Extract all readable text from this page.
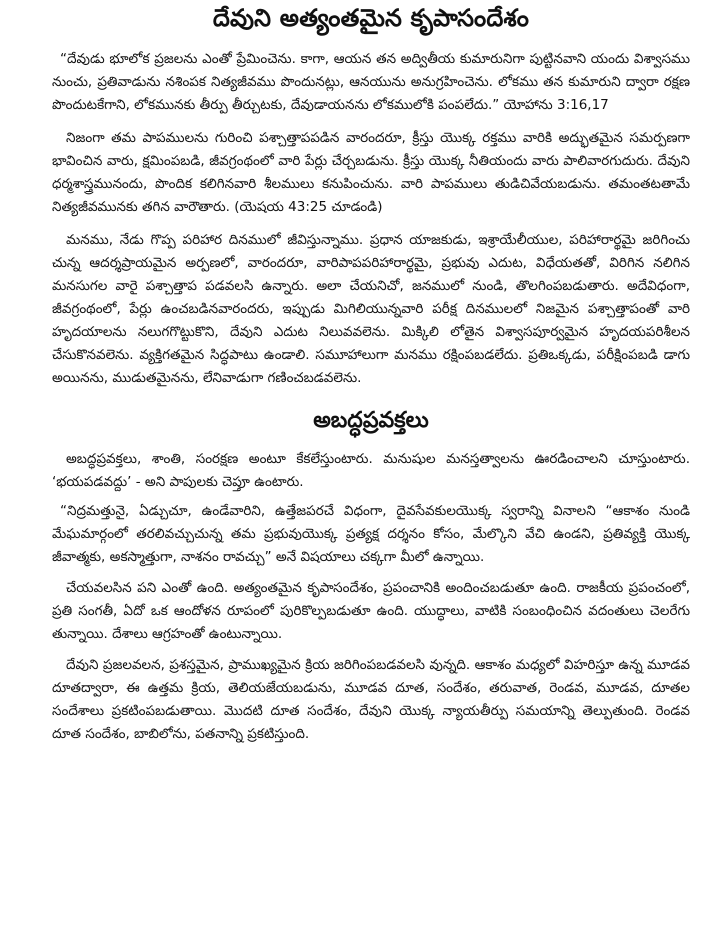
దేవుని అత్యంతమైన కృపాసందేశం

“దేవుడు భూలోక ప్రజలను ఎంతో ప్రేమించెను. కాగా, ఆయన తన అద్వితీయ కుమారునిగా పుట్టినవాని యందు విశ్వాసము నుంచు, ప్రతివాడును నశింపక నిత్యజీవము పొందునట్లు, ఆనయును అనుగ్రహించెను. లోకము తన కుమారుని ద్వారా రక్షణ పొందుటకేగాని, లోకమునకు తీర్పు తీర్చుటకు, దేవుడాయనను లోకములోకి పంపలేదు.” యోహాను 3:16,17

నిజంగా తమ పాపములను గురించి పశ్చాత్తాపపడిన వారందరూ, క్రీస్తు యొక్క రక్తము వారికి అద్భుతమైన సమర్పణగా భావించిన వారు, క్షమింపబడి, జీవగ్రంథంలో వారి పేర్లు చేర్చబడును. క్రీస్తు యొక్క నీతియందు వారు పాలివారగుదురు. దేవుని ధర్మశాస్త్రమునందు, పొందిక కలిగినవారి శీలములు కనుపించును. వారి పాపములు తుడిచివేయబడును. తమంతటతామే నిత్యజీవమునకు తగిన వారౌతారు. (యెషయ 43:25 చూడండి)

మనము, నేడు గొప్ప పరిహార దినములో జీవిస్తున్నాము. ప్రధాన యాజకుడు, ఇశ్రాయేలీయుల, పరిహారార్థమై జరిగించు చున్న ఆదర్శప్రాయమైన అర్పణలో, వారందరూ, వారిపాపపరిహారార్థమై, ప్రభువు ఎదుట, విధేయతతో, విరిగిన నలిగిన మనసుగల వారై పశ్చాత్తాప పడవలసి ఉన్నారు. అలా చేయనిచో, జనములో నుండి, తొలగింపబడుతారు. అదేవిధంగా, జీవగ్రంథంలో, పేర్లు ఉంచబడినవారందరు, ఇప్పుడు మిగిలియున్నవారి పరీక్ష దినములలో నిజమైన పశ్చాత్తాపంతో వారి హృదయాలను నలుగగొట్టుకొని, దేవుని ఎదుట నిలువవలెను. మిక్కిలి లోతైన విశ్వాసపూర్వమైన హృదయపరిశీలన చేసుకొనవలెను. వ్యక్తిగతమైన సిద్ధపాటు ఉండాలి. సమూహాలుగా మనము రక్షింపబడలేదు. ప్రతిఒక్కడు, పరీక్షింపబడి డాగు అయినను, ముడుతమైనను, లేనివాడుగా గణించబడవలెను.

అబద్ధప్రవక్తలు

అబద్ధప్రవక్తలు, శాంతి, సంరక్షణ అంటూ కేకలేస్తుంటారు. మనుషుల మనస్తత్వాలను ఊరడించాలని చూస్తుంటారు. ‘భయపడవద్దు’ - అని పాపులకు చెప్తూ ఉంటారు.

“నిద్రమత్తునై, ఏడ్చుచూ, ఉండేవారిని, ఉత్తేజపరచే విధంగా, దైవసేవకులయొక్క స్వరాన్ని వినాలని “ఆకాశం నుండి మేఘమార్గంలో తరలివచ్చుచున్న తమ ప్రభువుయొక్క ప్రత్యక్ష దర్శనం కోసం, మేల్కొని వేచి ఉండని, ప్రతివ్యక్తి యొక్క జీవాత్మకు, అకస్మాత్తుగా, నాశనం రావచ్చు” అనే విషయాలు చక్కగా మీలో ఉన్నాయి.

చేయవలసిన పని ఎంతో ఉంది. అత్యంతమైన కృపాసందేశం, ప్రపంచానికి అందించబడుతూ ఉంది. రాజకీయ ప్రపంచంలో, ప్రతి సంగతీ, ఏదో ఒక ఆందోళన రూపంలో పురికొల్పబడుతూ ఉంది. యుద్ధాలు, వాటికి సంబంధించిన వదంతులు చెలరేగు తున్నాయి. దేశాలు ఆగ్రహంతో ఉంటున్నాయి.

దేవుని ప్రజలవలన, ప్రశస్తమైన, ప్రాముఖ్యమైన క్రియ జరిగింపబడవలసి వున్నది. ఆకాశం మధ్యలో విహరిస్తూ ఉన్న మూడవ దూతద్వారా, ఈ ఉత్తమ క్రియ, తెలియజేయబడును, మూడవ దూత, సందేశం, తరువాత, రెండవ, మూడవ, దూతల సందేశాలు ప్రకటింపబడుతాయి. మొదటి దూత సందేశం, దేవుని యొక్క న్యాయతీర్పు సమయాన్ని తెల్పుతుంది. రెండవ దూత సందేశం, బాబిలోను, పతనాన్ని ప్రకటిస్తుంది.
